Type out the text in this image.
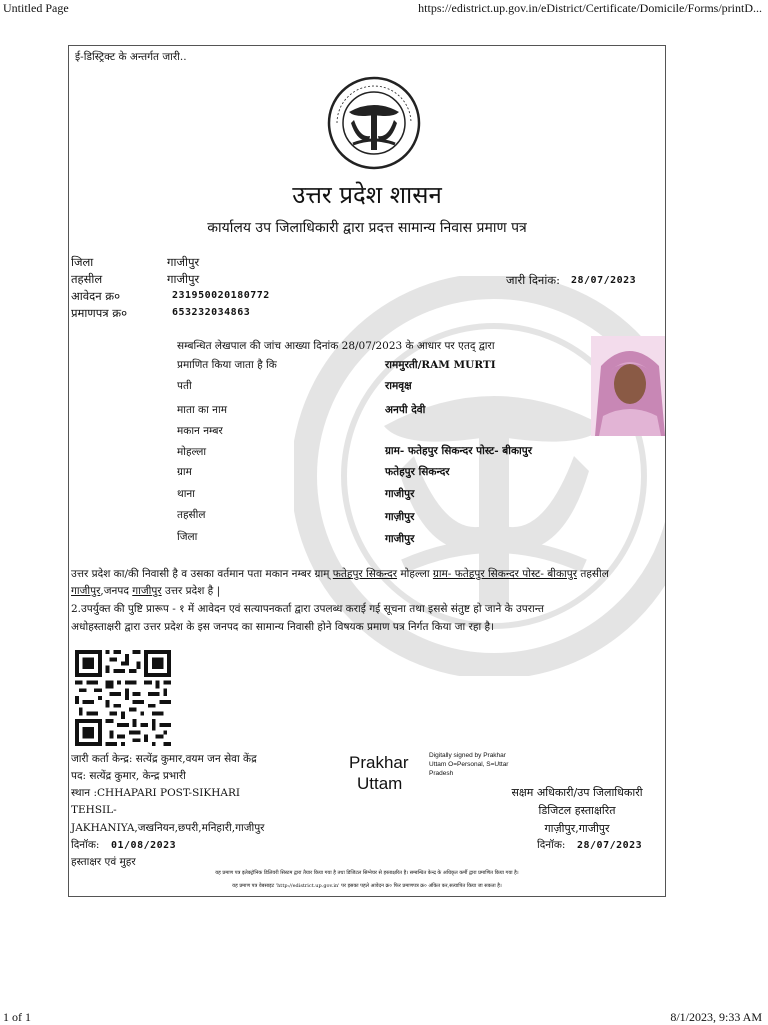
Untitled Page	https://edistrict.up.gov.in/eDistrict/Certificate/Domicile/Forms/printD...
1 of 1	8/1/2023, 9:33 AM
ई-डिस्ट्रिक्ट के अन्तर्गत जारी..
उत्तर प्रदेश शासन
कार्यालय उप जिलाधिकारी द्वारा प्रदत्त सामान्य निवास प्रमाण पत्र
जिला	गाजीपुर
तहसील	गाजीपुर	जारी दिनांक: 28/07/2023
आवेदन क्र०	231950020180772
प्रमाणपत्र क्र०	653232034863
सम्बन्धित लेखपाल की जांच आख्या दिनांक 28/07/2023 के आधार पर एतद् द्वारा
प्रमाणित किया जाता है कि	राममुरती/RAM MURTI
पती	रामवृक्ष
माता का नाम	अनपी देवी
मकान नम्बर
मोहल्ला	ग्राम- फतेहपुर सिकन्दर पोस्ट- बीकापुर
ग्राम	फतेहपुर सिकन्दर
थाना	गाजीपुर
तहसील	गाज़ीपुर
जिला	गाजीपुर
उत्तर प्रदेश का/की निवासी है व उसका वर्तमान पता मकान नम्बर ग्राम् फतेहपुर सिकन्दर मोहल्ला ग्राम- फतेहपुर सिकन्दर पोस्ट- बीकापुर तहसील गाजीपुर,जनपद गाजीपुर उत्तर प्रदेश है |
2.उपर्युक्त की पुष्टि प्रारूप - १ में आवेदन एवं सत्यापनकर्ता द्वारा उपलब्ध कराई गई सूचना तथा इससे संतुष्ट हो जाने के उपरान्त
अधोहस्ताक्षरी द्वारा उत्तर प्रदेश के इस जनपद का सामान्य निवासी होने विषयक प्रमाण पत्र निर्गत किया जा रहा है।
जारी कर्ता केन्द्र: सत्येंद्र कुमार,वयम जन सेवा केंद्र
पद: सत्येंद्र कुमार, केन्द्र प्रभारी
स्थान :CHHAPARI POST-SIKHARI
TEHSIL-
JAKHANIYA,जखनियन,छपरी,मनिहारी,गाजीपुर
दिनॉक: 01/08/2023
हस्ताक्षर एवं मुहर
Prakhar
Uttam
Digitally signed by Prakhar Uttam O=Personal, S=Uttar Pradesh
सक्षम अधिकारी/उप जिलाधिकारी
डिजिटल हस्ताक्षरित
गाज़ीपुर,गाजीपुर
दिनॉक: 28/07/2023
यह प्रमाण पत्र इलेक्ट्रॉनिक डिलिवरी सिस्टम द्वारा तैयार किया गया है तथा डिजिटल सिग्नेचर से हस्ताक्षरित है। सम्बन्धित केन्द्र के अधिकृत कर्मी द्वारा प्रमाणित किया गया है।
यह प्रमाण पत्र वेबसाइट 'http://edistrict.up.gov.in' पर इसका पहले आवेदन क्र० फिर प्रमाणपत्र क्र० अंकित कर,सत्यापित किया जा सकता है।
